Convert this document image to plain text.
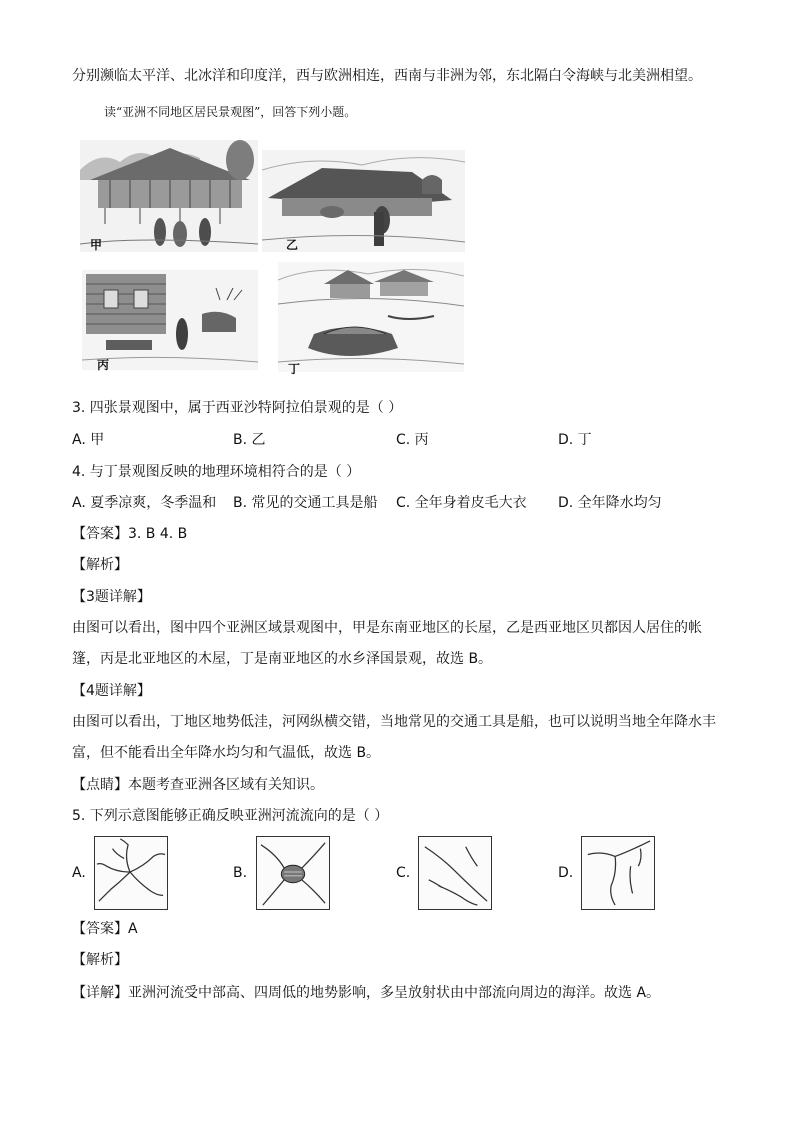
分别濒临太平洋、北冰洋和印度洋，西与欧洲相连，西南与非洲为邻，东北隔白令海峡与北美洲相望。
读“亚洲不同地区居民景观图”，回答下列小题。
甲	乙
丙	丁
3. 四张景观图中，属于西亚沙特阿拉伯景观的是（ ）
A. 甲	B. 乙	C. 丙	D. 丁
4. 与丁景观图反映的地理环境相符合的是（ ）
A. 夏季凉爽，冬季温和 B. 常见的交通工具是船 C. 全年身着皮毛大衣 D. 全年降水均匀
【答案】3. B 4. B
【解析】
【3题详解】
由图可以看出，图中四个亚洲区域景观图中，甲是东南亚地区的长屋，乙是西亚地区贝都因人居住的帐
篷，丙是北亚地区的木屋，丁是南亚地区的水乡泽国景观，故选 B。
【4题详解】
由图可以看出，丁地区地势低洼，河网纵横交错，当地常见的交通工具是船，也可以说明当地全年降水丰
富，但不能看出全年降水均匀和气温低，故选 B。
【点睛】本题考查亚洲各区域有关知识。
5. 下列示意图能够正确反映亚洲河流流向的是（ ）
A.	B.	C.	D.
【答案】A
【解析】
【详解】亚洲河流受中部高、四周低的地势影响，多呈放射状由中部流向周边的海洋。故选 A。
